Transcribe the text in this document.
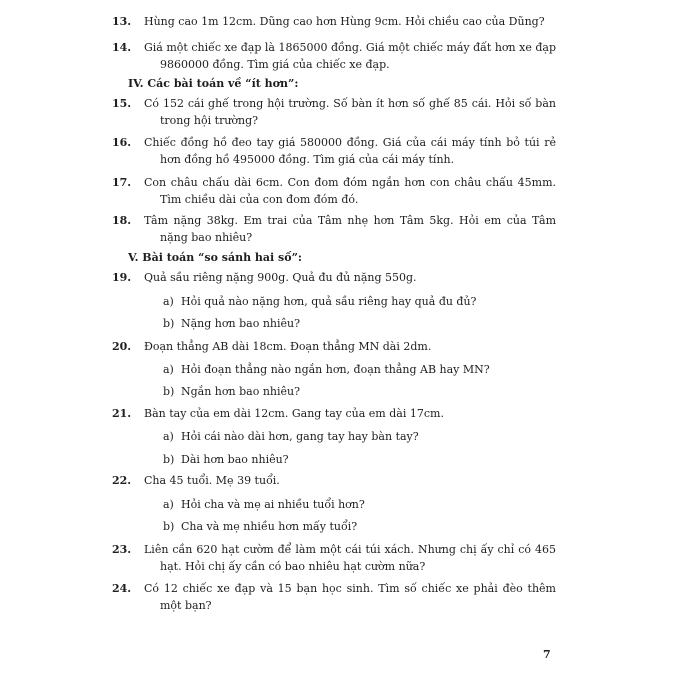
13. Hùng cao 1m 12cm. Dũng cao hơn Hùng 9cm. Hỏi chiều cao của Dũng?
14. Giá một chiếc xe đạp là 1865000 đồng. Giá một chiếc máy đất hơn xe đạp 9860000 đồng. Tìm giá của chiếc xe đạp.
IV. Các bài toán về “ít hơn”:
15. Có 152 cái ghế trong hội trường. Số bàn ít hơn số ghế 85 cái. Hỏi số bàn trong hội trường?
16. Chiếc đồng hồ đeo tay giá 580000 đồng. Giá của cái máy tính bỏ túi rẻ hơn đồng hồ 495000 đồng. Tìm giá của cái máy tính.
17. Con châu chấu dài 6cm. Con đom đóm ngắn hơn con châu chấu 45mm. Tìm chiều dài của con đom đóm đó.
18. Tâm nặng 38kg. Em trai của Tâm nhẹ hơn Tâm 5kg. Hỏi em của Tâm nặng bao nhiêu?
V. Bài toán “so sánh hai số”:
19. Quả sầu riêng nặng 900g. Quả đu đủ nặng 550g.
a) Hỏi quả nào nặng hơn, quả sầu riêng hay quả đu đủ?
b) Nặng hơn bao nhiêu?
20. Đoạn thẳng AB dài 18cm. Đoạn thẳng MN dài 2dm.
a) Hỏi đoạn thẳng nào ngắn hơn, đoạn thẳng AB hay MN?
b) Ngắn hơn bao nhiêu?
21. Bàn tay của em dài 12cm. Gang tay của em dài 17cm.
a) Hỏi cái nào dài hơn, gang tay hay bàn tay?
b) Dài hơn bao nhiêu?
22. Cha 45 tuổi. Mẹ 39 tuổi.
a) Hỏi cha và mẹ ai nhiều tuổi hơn?
b) Cha và mẹ nhiều hơn mấy tuổi?
23. Liên cần 620 hạt cườm để làm một cái túi xách. Nhưng chị ấy chỉ có 465 hạt. Hỏi chị ấy cần có bao nhiêu hạt cườm nữa?
24. Có 12 chiếc xe đạp và 15 bạn học sinh. Tìm số chiếc xe phải đèo thêm một bạn?
7
